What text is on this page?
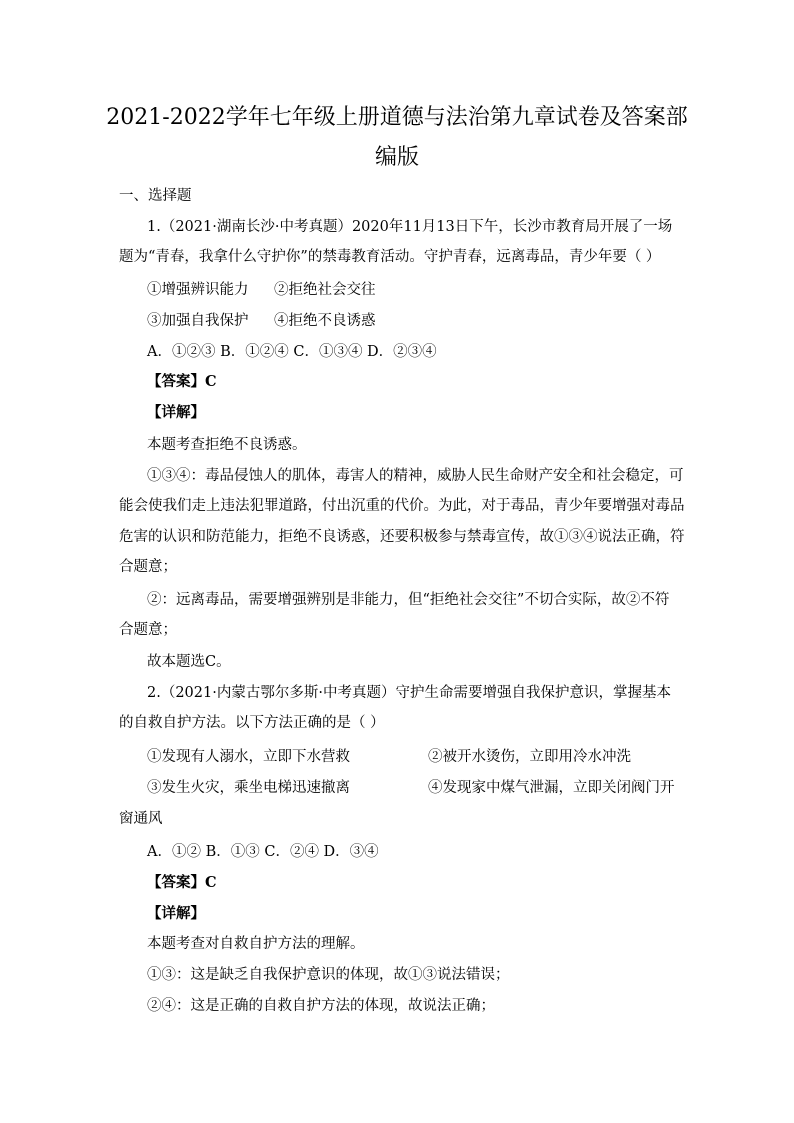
2021-2022学年七年级上册道德与法治第九章试卷及答案部
编版
一、选择题
1.（2021·湖南长沙·中考真题）2020年11月13日下午，长沙市教育局开展了一场
题为“青春，我拿什么守护你”的禁毒教育活动。守护青春，远离毒品，青少年要（ ）
①增强辨识能力 ②拒绝社会交往
③加强自我保护 ④拒绝不良诱惑
A．①②③ B．①②④ C．①③④ D．②③④
【答案】C
【详解】
本题考查拒绝不良诱惑。
①③④：毒品侵蚀人的肌体，毒害人的精神，威胁人民生命财产安全和社会稳定，可
能会使我们走上违法犯罪道路，付出沉重的代价。为此，对于毒品，青少年要增强对毒品
危害的认识和防范能力，拒绝不良诱惑，还要积极参与禁毒宣传，故①③④说法正确，符
合题意；
②：远离毒品，需要增强辨别是非能力，但“拒绝社会交往”不切合实际，故②不符
合题意；
故本题选C。
2.（2021·内蒙古鄂尔多斯·中考真题）守护生命需要增强自我保护意识，掌握基本
的自救自护方法。以下方法正确的是（ ）
①发现有人溺水，立即下水营救	②被开水烫伤，立即用冷水冲洗
③发生火灾，乘坐电梯迅速撤离	④发现家中煤气泄漏，立即关闭阀门开
窗通风
A．①② B．①③ C．②④ D．③④
【答案】C
【详解】
本题考查对自救自护方法的理解。
①③：这是缺乏自我保护意识的体现，故①③说法错误；
②④：这是正确的自救自护方法的体现，故说法正确；
